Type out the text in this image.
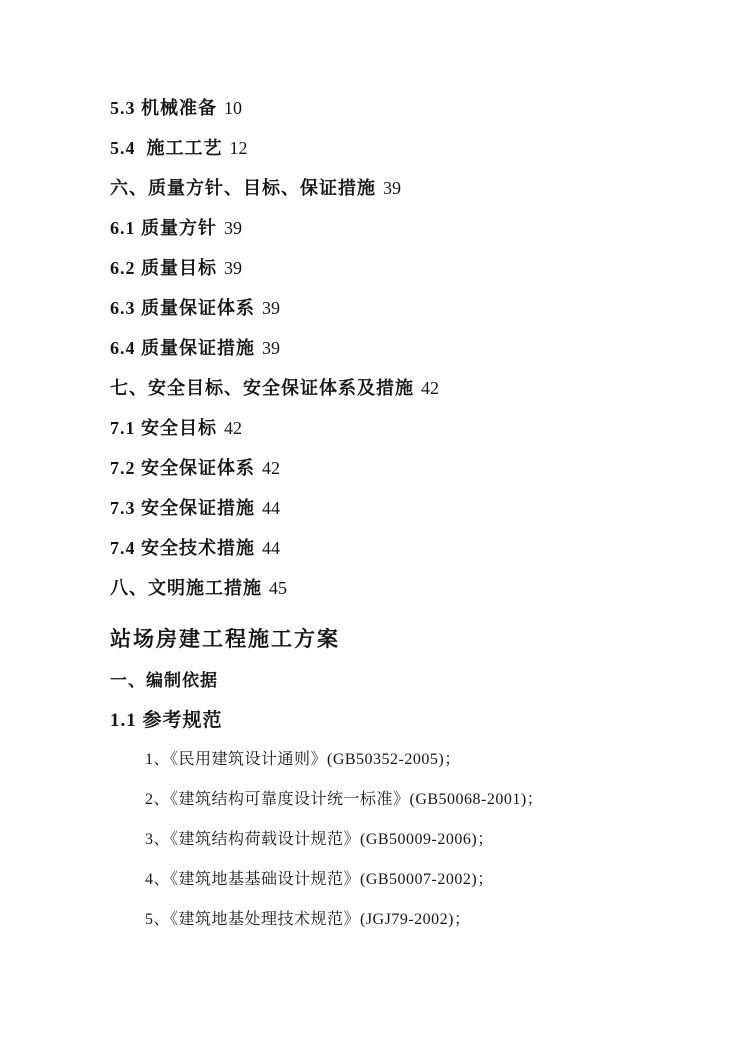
5.3 机械准备 10
5.4  施工工艺 12
六、质量方针、目标、保证措施 39
6.1 质量方针 39
6.2 质量目标 39
6.3 质量保证体系 39
6.4 质量保证措施 39
七、安全目标、安全保证体系及措施 42
7.1 安全目标 42
7.2 安全保证体系 42
7.3 安全保证措施 44
7.4 安全技术措施 44
八、文明施工措施 45
站场房建工程施工方案
一、编制依据
1.1 参考规范

1、《民用建筑设计通则》(GB50352-2005)；

2、《建筑结构可靠度设计统一标准》(GB50068-2001)；

3、《建筑结构荷载设计规范》(GB50009-2006)；

4、《建筑地基基础设计规范》(GB50007-2002)；

5、《建筑地基处理技术规范》(JGJ79-2002)；
